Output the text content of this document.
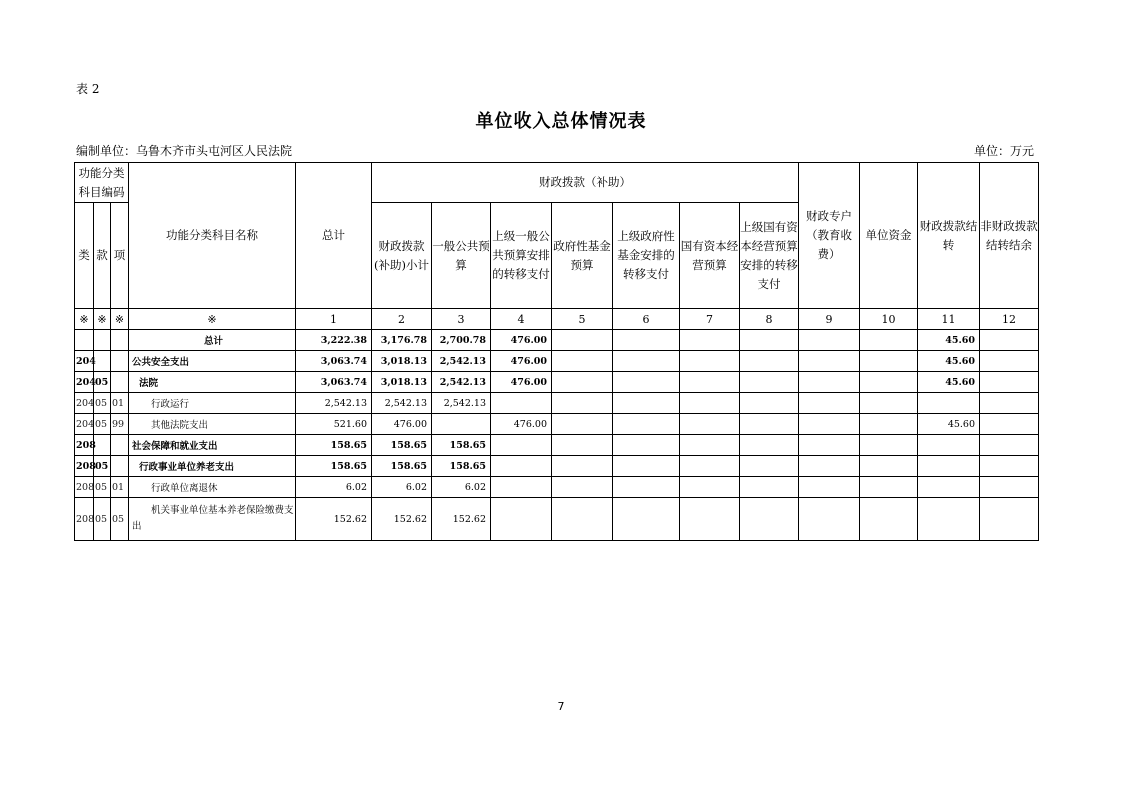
表 2
单位收入总体情况表
编制单位：乌鲁木齐市头屯河区人民法院	单位：万元
功能分类科目编码			功能分类科目名称	总计	财政拨款（补助）							财政专户（教育收费）	单位资金	财政拨款结转	非财政拨款结转结余
类	款	项			财政拨款(补助)小计	一般公共预算	上级一般公共预算安排的转移支付	政府性基金预算	上级政府性基金安排的转移支付	国有资本经营预算	上级国有资本经营预算安排的转移支付				
※	※	※	※	1	2	3	4	5	6	7	8	9	10	11	12
			总计	3,222.38	3,176.78	2,700.78	476.00							45.60	
204			公共安全支出	3,063.74	3,018.13	2,542.13	476.00							45.60	
204	05		法院	3,063.74	3,018.13	2,542.13	476.00							45.60	
204	05	01	行政运行	2,542.13	2,542.13	2,542.13									
204	05	99	其他法院支出	521.60	476.00		476.00							45.60	
208			社会保障和就业支出	158.65	158.65	158.65									
208	05		行政事业单位养老支出	158.65	158.65	158.65									
208	05	01	行政单位离退休	6.02	6.02	6.02									
208	05	05	机关事业单位基本养老保险缴费支出	152.62	152.62	152.62									
7
